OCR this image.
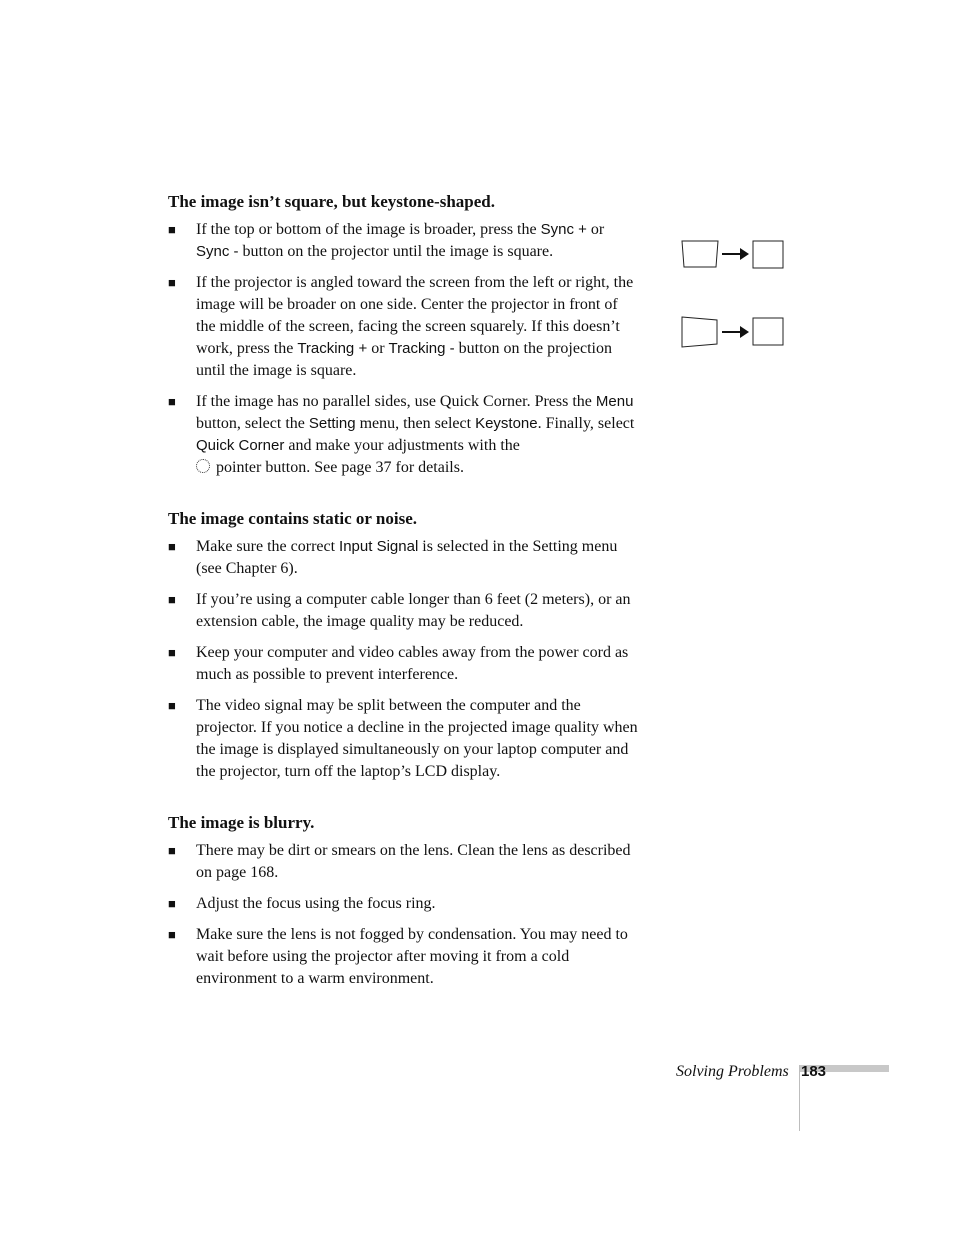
The image isn’t square, but keystone-shaped.
■ If the top or bottom of the image is broader, press the Sync + or Sync - button on the projector until the image is square.
■ If the projector is angled toward the screen from the left or right, the image will be broader on one side. Center the projector in front of the middle of the screen, facing the screen squarely. If this doesn’t work, press the Tracking + or Tracking - button on the projection until the image is square.
■ If the image has no parallel sides, use Quick Corner. Press the Menu button, select the Setting menu, then select Keystone. Finally, select Quick Corner and make your adjustments with the
pointer button. See page 37 for details.
The image contains static or noise.
■ Make sure the correct Input Signal is selected in the Setting menu (see Chapter 6).
■ If you’re using a computer cable longer than 6 feet (2 meters), or an extension cable, the image quality may be reduced.
■ Keep your computer and video cables away from the power cord as much as possible to prevent interference.
■ The video signal may be split between the computer and the projector. If you notice a decline in the projected image quality when the image is displayed simultaneously on your laptop computer and the projector, turn off the laptop’s LCD display.
The image is blurry.
■ There may be dirt or smears on the lens. Clean the lens as described on page 168.
■ Adjust the focus using the focus ring.
■ Make sure the lens is not fogged by condensation. You may need to wait before using the projector after moving it from a cold environment to a warm environment.
Solving Problems 183
